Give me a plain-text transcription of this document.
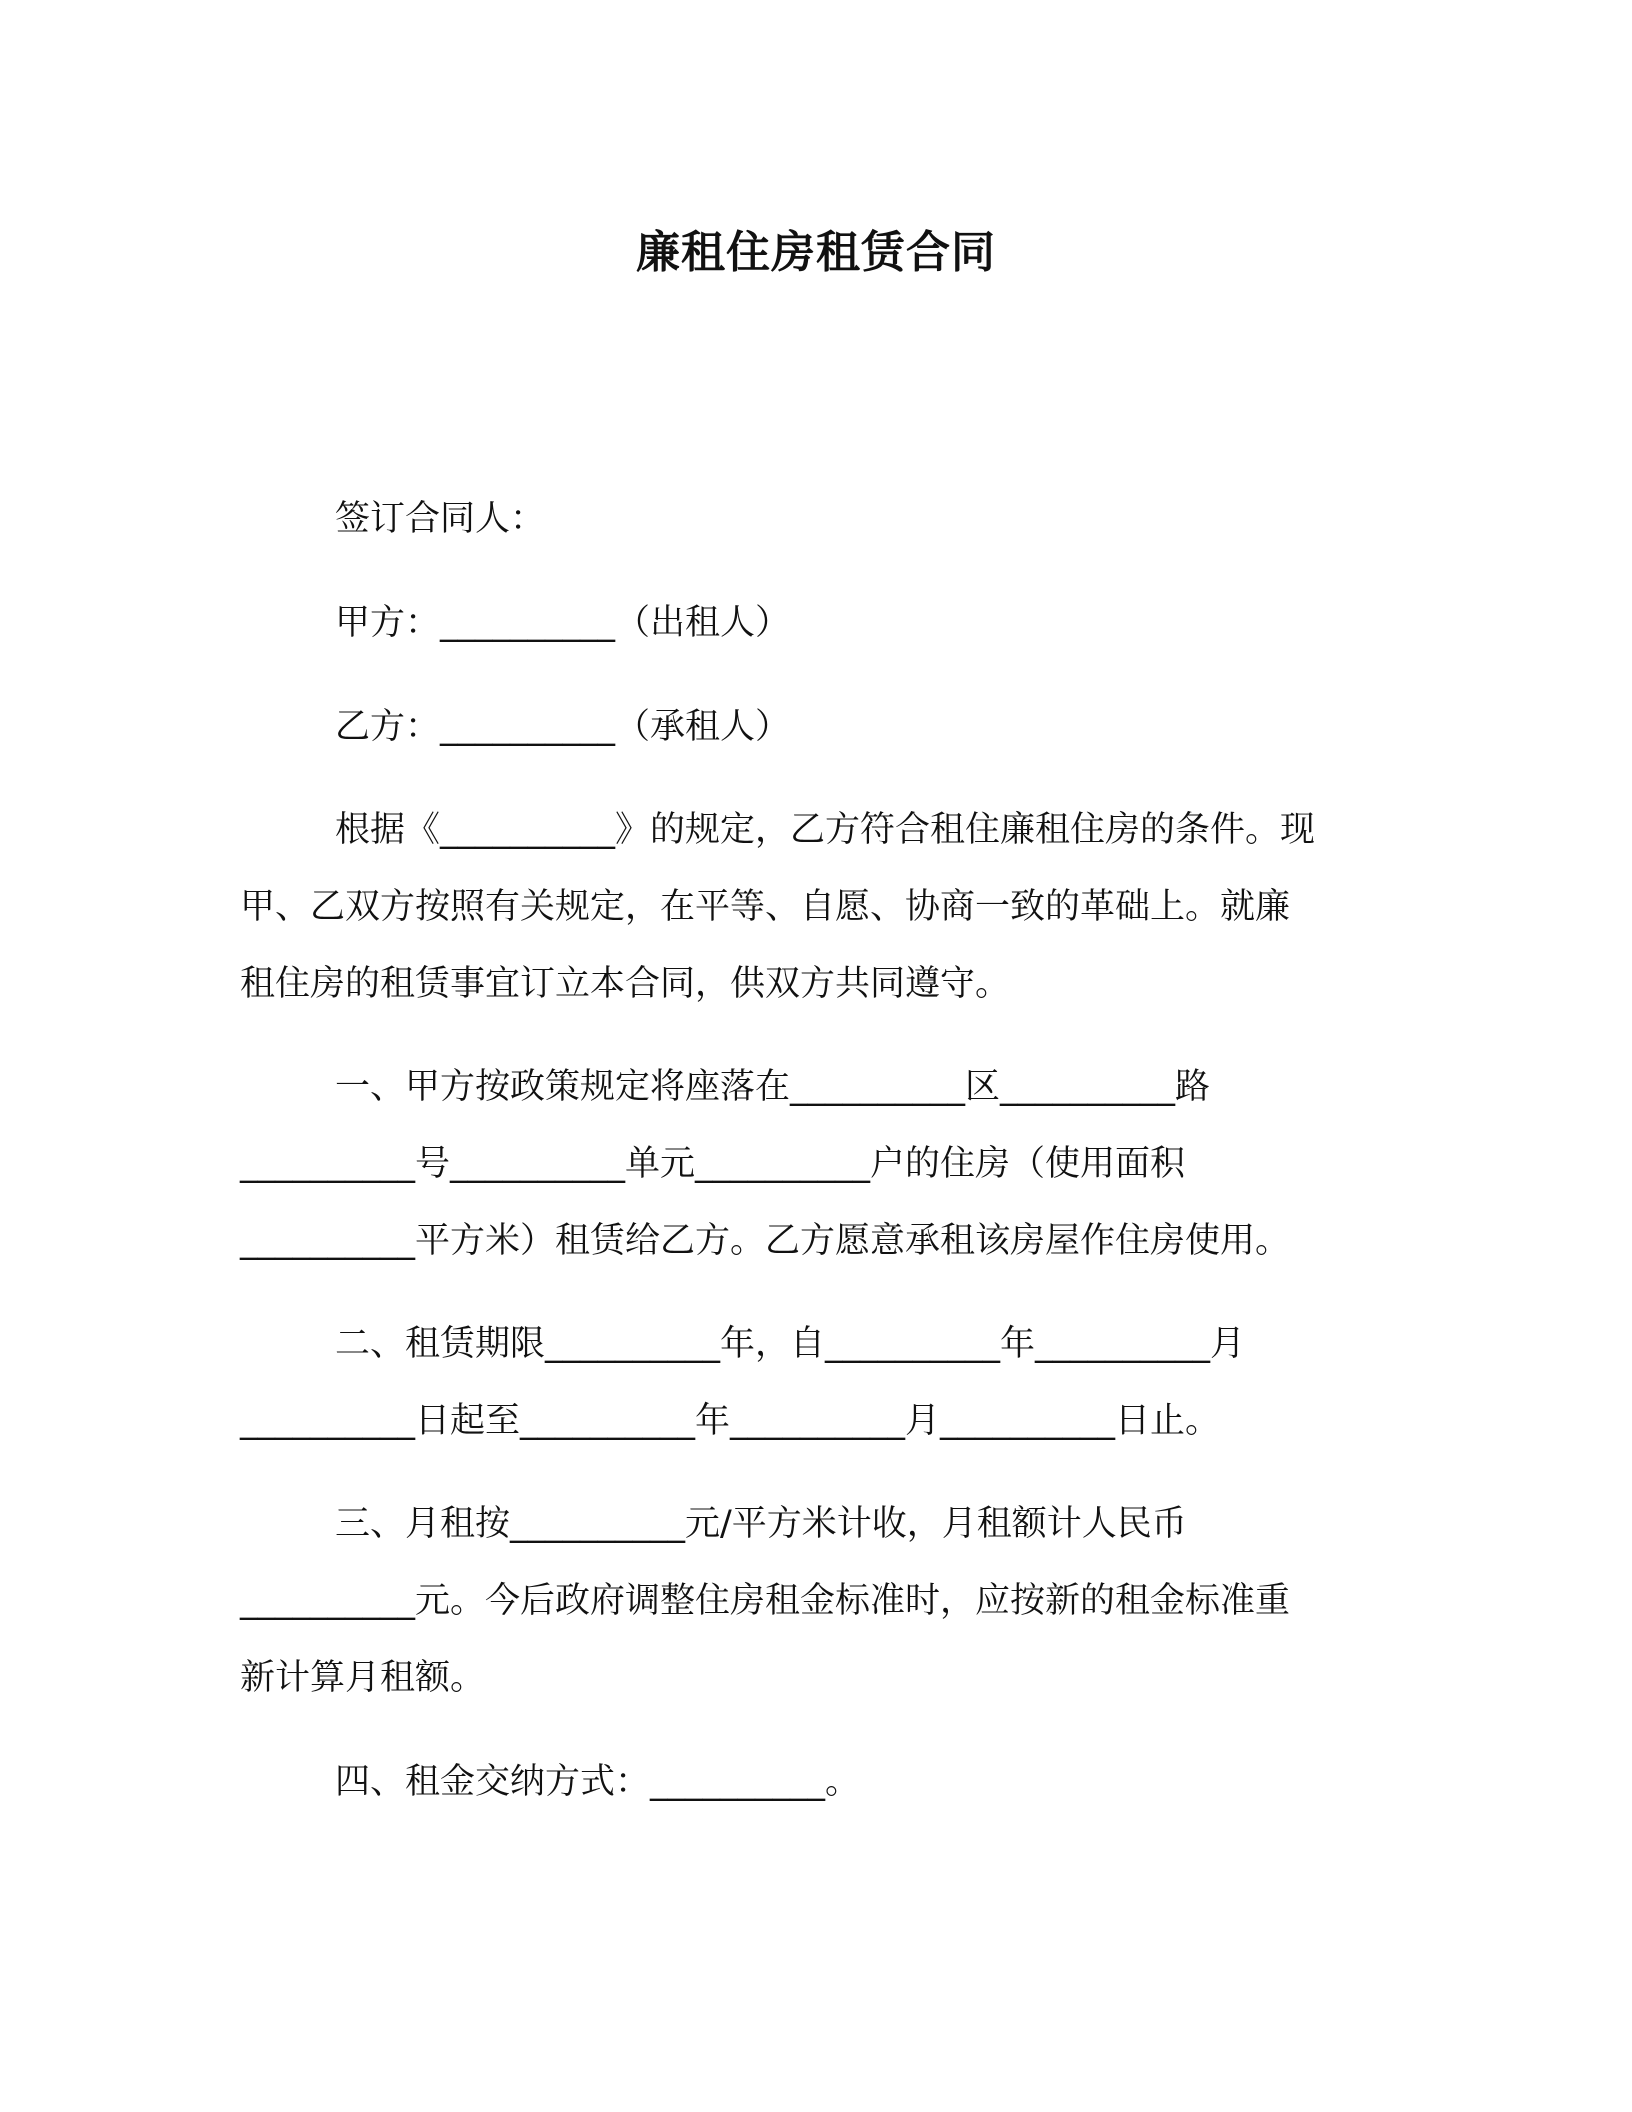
廉租住房租赁合同
签订合同人：
甲方：__________（出租人）
乙方：__________（承租人）
根据《__________》的规定，乙方符合租住廉租住房的条件。现
甲、乙双方按照有关规定，在平等、自愿、协商一致的革础上。就廉
租住房的租赁事宜订立本合同，供双方共同遵守。
一、甲方按政策规定将座落在__________区__________路
__________号__________单元__________户的住房（使用面积
__________平方米）租赁给乙方。乙方愿意承租该房屋作住房使用。
二、租赁期限__________年，自__________年__________月
__________日起至__________年__________月__________日止。
三、月租按__________元/平方米计收，月租额计人民币
__________元。今后政府调整住房租金标准时，应按新的租金标准重
新计算月租额。
四、租金交纳方式：__________。
